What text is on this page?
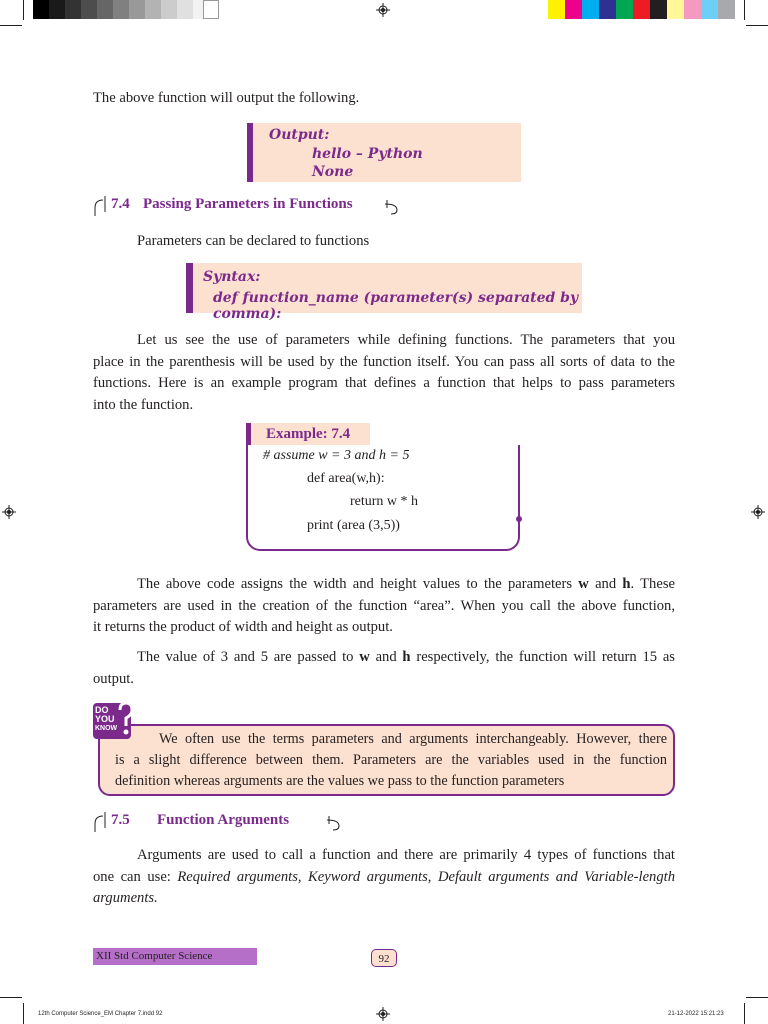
The above function will output the following.
Output:
hello – Python
None
7.4 Passing Parameters in Functions
Parameters can be declared to functions
Syntax:
def function_name (parameter(s) separated by comma):
Let us see the use of parameters while defining functions. The parameters that you
place in the parenthesis will be used by the function itself. You can pass all sorts of data to the
functions. Here is an example program that defines a function that helps to pass parameters
into the function.
Example: 7.4
# assume w = 3 and h = 5
def area(w,h):
return w * h
print (area (3,5))
The above code assigns the width and height values to the parameters w and h. These
parameters are used in the creation of the function “area”. When you call the above function,
it returns the product of width and height as output.
The value of 3 and 5 are passed to w and h respectively, the function will return 15 as
output.
We often use the terms parameters and arguments interchangeably. However, there
is a slight difference between them. Parameters are the variables used in the function
definition whereas arguments are the values we pass to the function parameters
DO
YOU
KNOW
7.5 Function Arguments
Arguments are used to call a function and there are primarily 4 types of functions that
one can use: Required arguments, Keyword arguments, Default arguments and Variable-length
arguments.
XII Std Computer Science	92
12th Computer Science_EM Chapter 7.indd 92	21-12-2022 15:21:23
